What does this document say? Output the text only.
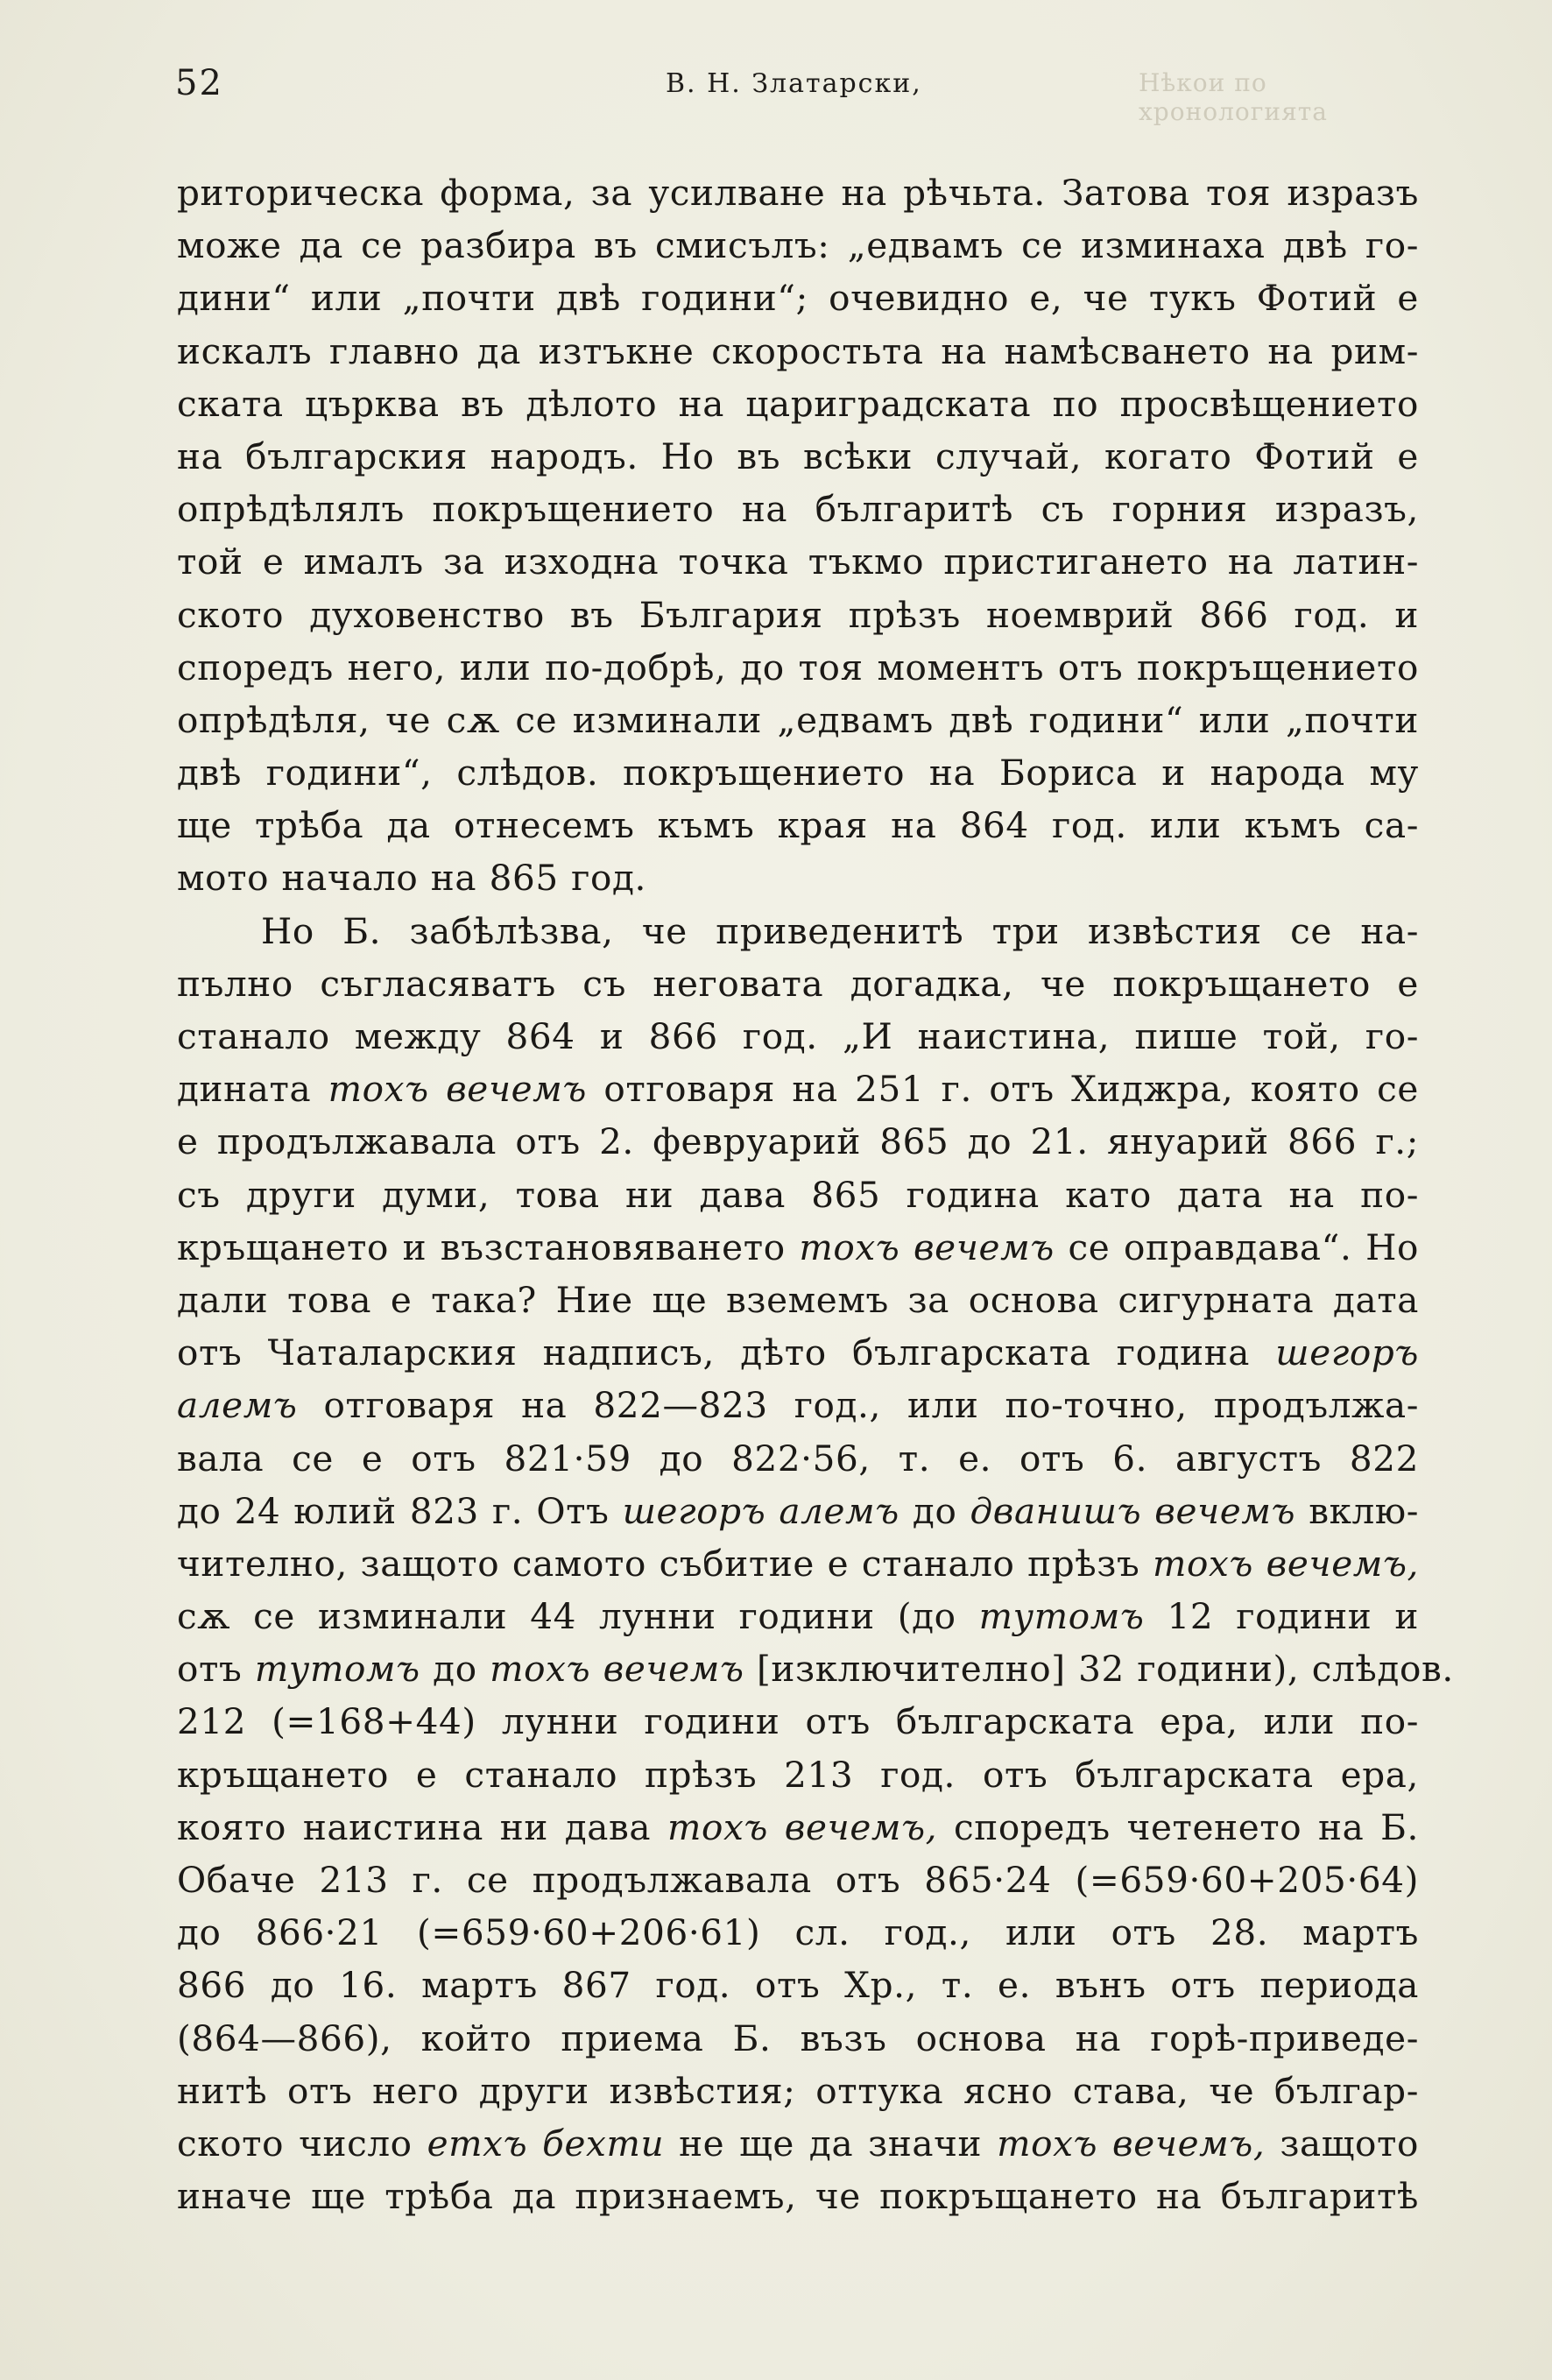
52	В. Н. Златарски,	Нѣкои по хронологията
риторическа форма, за усилване на рѣчьта. Затова тоя изразъ
може да се разбира въ смисълъ: „едвамъ се изминаха двѣ го-
дини“ или „почти двѣ години“; очевидно е, че тукъ Фотий е
искалъ главно да изтъкне скоростьта на намѣсването на рим-
ската църква въ дѣлото на цариградската по просвѣщението
на българския народъ. Но въ всѣки случай, когато Фотий е
опрѣдѣлялъ покръщението на българитѣ съ горния изразъ,
той е ималъ за изходна точка тъкмо пристигането на латин-
ското духовенство въ България прѣзъ ноемврий 866 год. и
споредъ него, или по-добрѣ, до тоя моментъ отъ покръщението
опрѣдѣля, че сѫ се изминали „едвамъ двѣ години“ или „почти
двѣ години“, слѣдов. покръщението на Бориса и народа му
ще трѣба да отнесемъ къмъ края на 864 год. или къмъ са-
мото начало на 865 год.
Но Б. забѣлѣзва, че приведенитѣ три извѣстия се на-
пълно съгласяватъ съ неговата догадка, че покръщането е
станало между 864 и 866 год. „И наистина, пише той, го-
дината тохъ вечемъ отговаря на 251 г. отъ Хиджра, която се
е продължавала отъ 2. февруарий 865 до 21. януарий 866 г.;
съ други думи, това ни дава 865 година като дата на по-
кръщането и възстановяването тохъ вечемъ се оправдава“. Но
дали това е така? Ние ще вземемъ за основа сигурната дата
отъ Чаталарския надписъ, дѣто българската година шегоръ
алемъ отговаря на 822—823 год., или по-точно, продължа-
вала се е отъ 821·59 до 822·56, т. е. отъ 6. августъ 822
до 24 юлий 823 г. Отъ шегоръ алемъ до дванишъ вечемъ вклю-
чително, защото самото събитие е станало прѣзъ тохъ вечемъ,
сѫ се изминали 44 лунни години (до тутомъ 12 години и
отъ тутомъ до тохъ вечемъ [изключително] 32 години), слѣдов.
212 (=168+44) лунни години отъ българската ера, или по-
кръщането е станало прѣзъ 213 год. отъ българската ера,
която наистина ни дава тохъ вечемъ, споредъ четенето на Б.
Обаче 213 г. се продължавала отъ 865·24 (=659·60+205·64)
до 866·21 (=659·60+206·61) сл. год., или отъ 28. мартъ
866 до 16. мартъ 867 год. отъ Хр., т. е. вънъ отъ периода
(864—866), който приема Б. възъ основа на горѣ-приведе-
нитѣ отъ него други извѣстия; оттука ясно става, че българ-
ското число етхъ бехти не ще да значи тохъ вечемъ, защото
иначе ще трѣба да признаемъ, че покръщането на българитѣ
